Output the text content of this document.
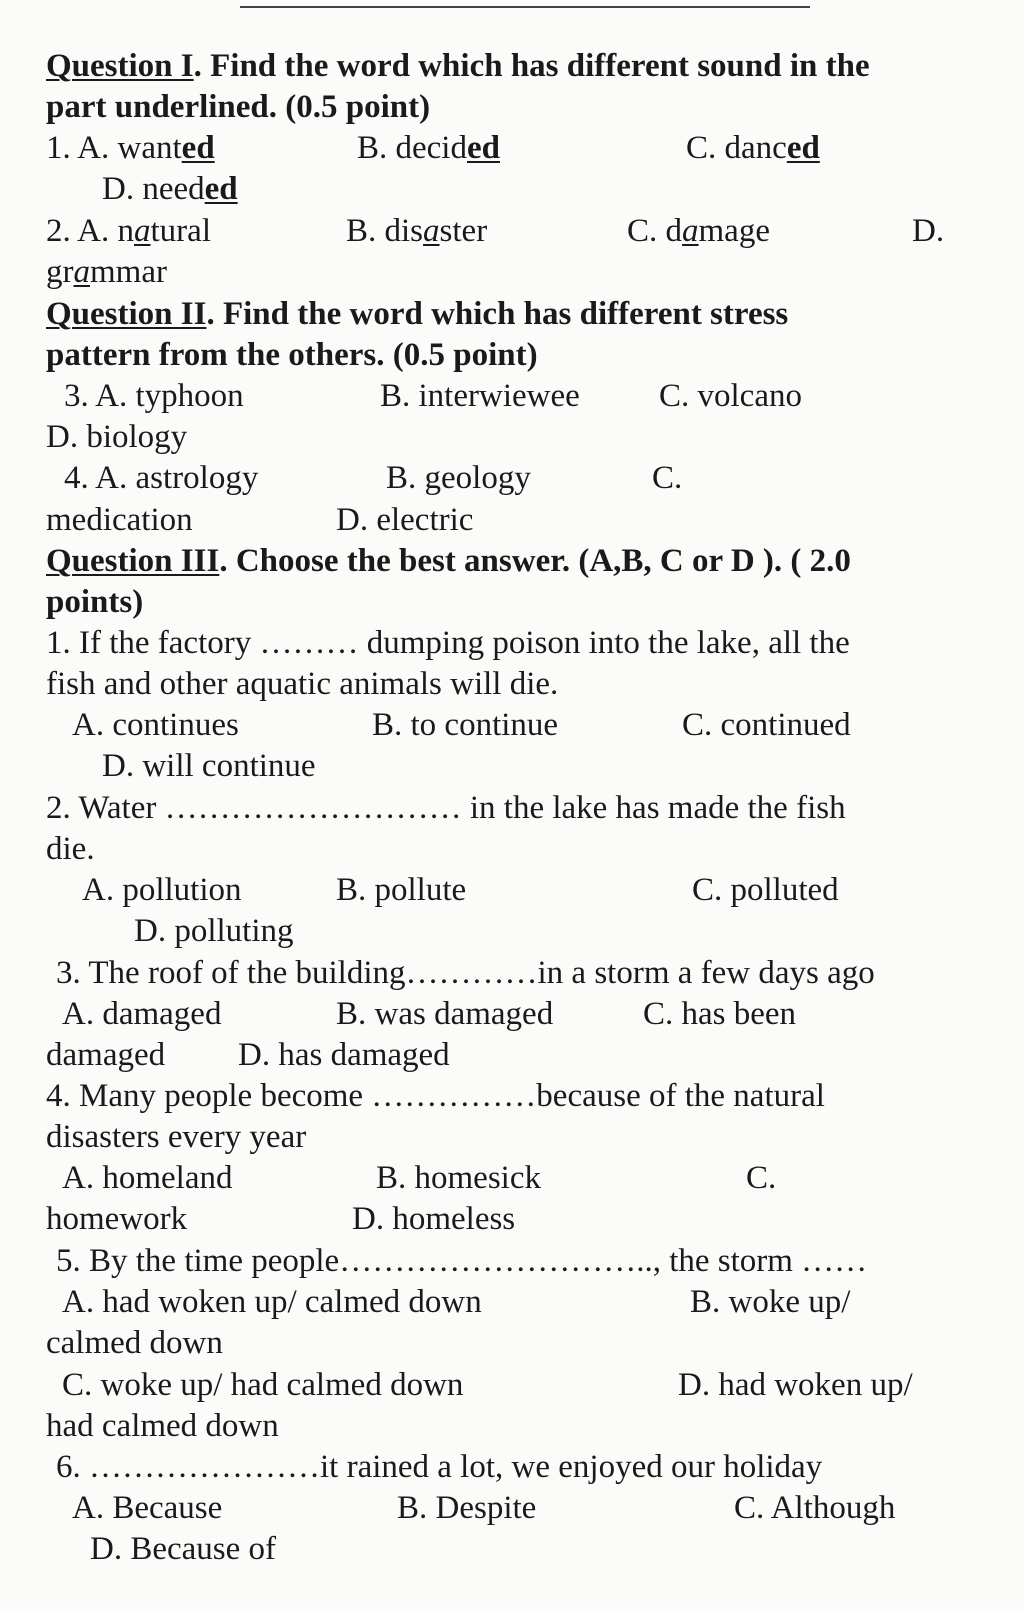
Question I. Find the word which has different sound in the
part underlined. (0.5 point)
1. A. wanted	B. decided	C. danced
D. needed
2. A. natural	B. disaster	C. damage	D.
grammar
Question II. Find the word which has different stress
pattern from the others. (0.5 point)
3. A. typhoon	B. interwiewee C. volcano
D. biology
4. A. astrology	B. geology	C.
medication	D. electric
Question III. Choose the best answer. (A,B, C or D ). ( 2.0
points)
1. If the factory ……… dumping poison into the lake, all the
fish and other aquatic animals will die.
A. continues	B. to continue	C. continued
D. will continue
2. Water ……………………… in the lake has made the fish
die.
A. pollution	B. pollute	C. polluted
D. polluting
3. The roof of the building…………in a storm a few days ago
A. damaged	B. was damaged	C. has been
damaged D. has damaged
4. Many people become ……………because of the natural
disasters every year
A. homeland	B. homesick	C.
homework	D. homeless
5. By the time people……………………….., the storm ……
A. had woken up/ calmed down	B. woke up/
calmed down
C. woke up/ had calmed down	D. had woken up/
had calmed down
6. …………………it rained a lot, we enjoyed our holiday
A. Because	B. Despite	C. Although
D. Because of
